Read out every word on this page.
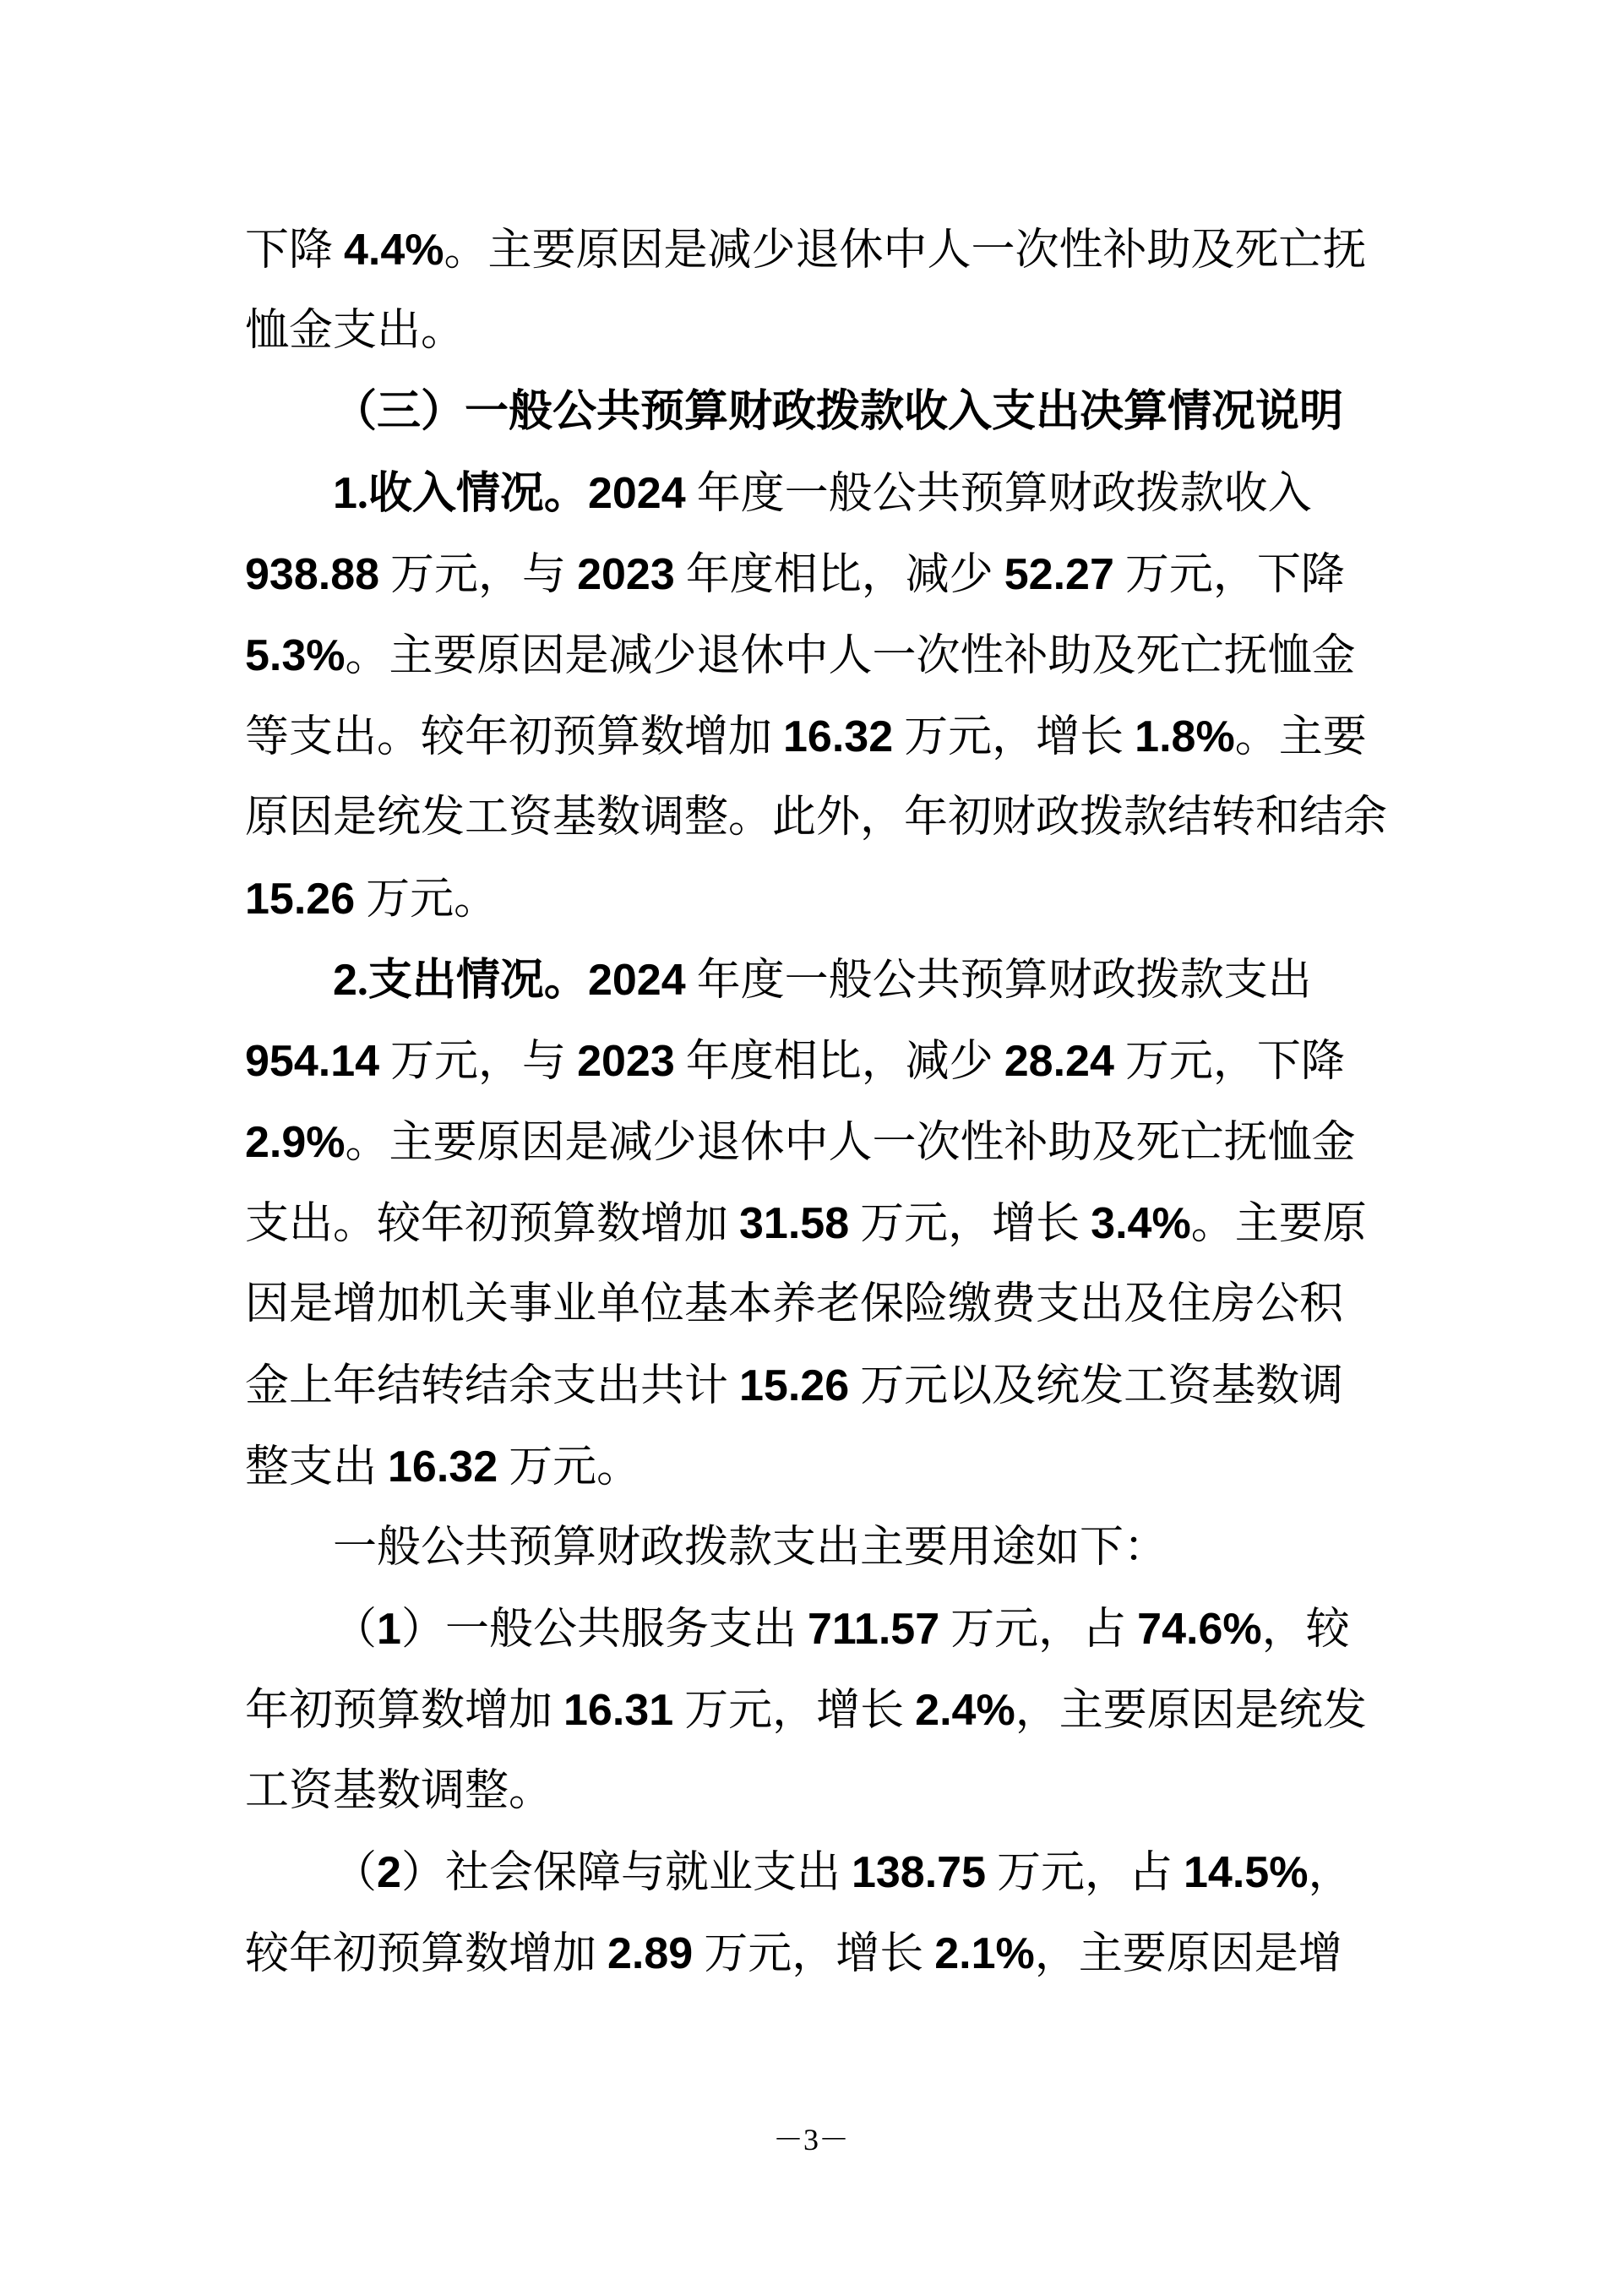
下降 4.4%。主要原因是减少退休中人一次性补助及死亡抚
恤金支出。
（三）一般公共预算财政拨款收入支出决算情况说明
1.收入情况。2024 年度一般公共预算财政拨款收入
938.88 万元，与 2023 年度相比，减少 52.27 万元，下降
5.3%。主要原因是减少退休中人一次性补助及死亡抚恤金
等支出。较年初预算数增加 16.32 万元，增长 1.8%。主要
原因是统发工资基数调整。此外，年初财政拨款结转和结余
15.26 万元。
2.支出情况。2024 年度一般公共预算财政拨款支出
954.14 万元，与 2023 年度相比，减少 28.24 万元，下降
2.9%。主要原因是减少退休中人一次性补助及死亡抚恤金
支出。较年初预算数增加 31.58 万元，增长 3.4%。主要原
因是增加机关事业单位基本养老保险缴费支出及住房公积
金上年结转结余支出共计 15.26 万元以及统发工资基数调
整支出 16.32 万元。
一般公共预算财政拨款支出主要用途如下：
（1）一般公共服务支出 711.57 万元，占 74.6%，较
年初预算数增加 16.31 万元，增长 2.4%，主要原因是统发
工资基数调整。
（2）社会保障与就业支出 138.75 万元，占 14.5%，
较年初预算数增加 2.89 万元，增长 2.1%，主要原因是增
－3－
